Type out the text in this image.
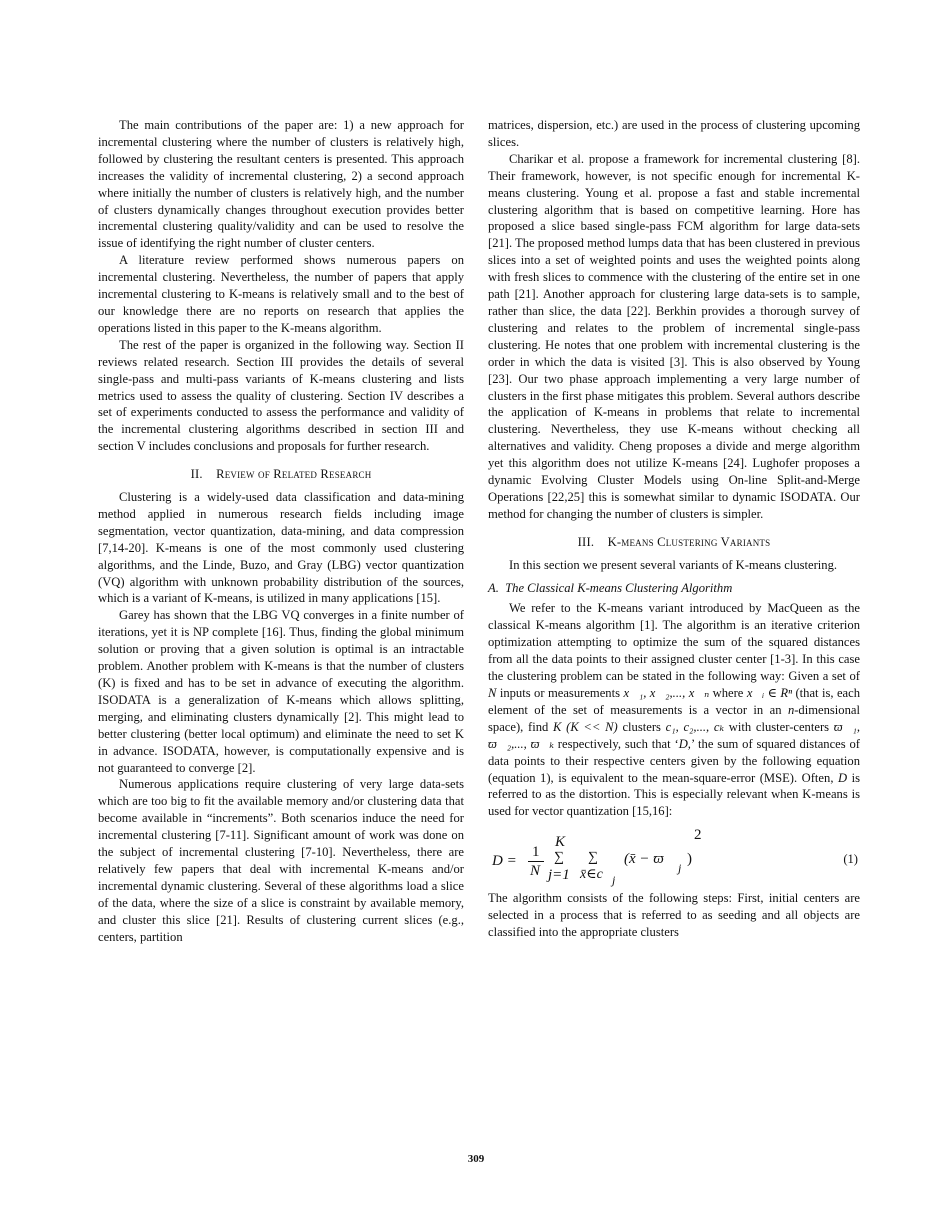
The main contributions of the paper are: 1) a new approach for incremental clustering where the number of clusters is relatively high, followed by clustering the resultant centers is presented. This approach increases the validity of incremental clustering, 2) a second approach where initially the number of clusters is relatively high, and the number of clusters dynamically changes throughout execution provides better incremental clustering quality/validity and can be used to resolve the issue of identifying the right number of cluster centers.

A literature review performed shows numerous papers on incremental clustering. Nevertheless, the number of papers that apply incremental clustering to K-means is relatively small and to the best of our knowledge there are no reports on research that applies the operations listed in this paper to the K-means algorithm.

The rest of the paper is organized in the following way. Section II reviews related research. Section III provides the details of several single-pass and multi-pass variants of K-means clustering and lists metrics used to assess the quality of clustering. Section IV describes a set of experiments conducted to assess the performance and validity of the incremental clustering algorithms described in section III and section V includes conclusions and proposals for further research.

II.    Review of Related Research

Clustering is a widely-used data classification and data-mining method applied in numerous research fields including image segmentation, vector quantization, data-mining, and data compression [7,14-20]. K-means is one of the most commonly used clustering algorithms, and the Linde, Buzo, and Gray (LBG) vector quantization (VQ) algorithm with unknown probability distribution of the sources, which is a variant of K-means, is utilized in many applications [15].

Garey has shown that the LBG VQ converges in a finite number of iterations, yet it is NP complete [16]. Thus, finding the global minimum solution or proving that a given solution is optimal is an intractable problem. Another problem with K-means is that the number of clusters (K) is fixed and has to be set in advance of executing the algorithm. ISODATA is a generalization of K-means which allows splitting, merging, and eliminating clusters dynamically [2]. This might lead to better clustering (better local optimum) and eliminate the need to set K in advance. ISODATA, however, is computationally expensive and is not guaranteed to converge [2].

Numerous applications require clustering of very large data-sets which are too big to fit the available memory and/or clustering data that become available in “increments”. Both scenarios induce the need for incremental clustering [7-11]. Significant amount of work was done on the subject of incremental clustering [7-10]. Nevertheless, there are relatively few papers that deal with incremental K-means and/or incremental dynamic clustering. Several of these algorithms load a slice of the data, where the size of a slice is constraint by available memory, and cluster this slice [21]. Results of clustering current slices (e.g., centers, partition

matrices, dispersion, etc.) are used in the process of clustering upcoming slices.

Charikar et al. propose a framework for incremental clustering [8]. Their framework, however, is not specific enough for incremental K-means clustering. Young et al. propose a fast and stable incremental clustering algorithm that is based on competitive learning. Hore has proposed a slice based single-pass FCM algorithm for large data-sets [21]. The proposed method lumps data that has been clustered in previous slices into a set of weighted points and uses the weighted points along with fresh slices to commence with the clustering of the entire set in one path [21]. Another approach for clustering large data-sets is to sample, rather than slice, the data [22]. Berkhin provides a thorough survey of clustering and relates to the problem of incremental single-pass clustering. He notes that one problem with incremental clustering is the order in which the data is visited [3]. This is also observed by Young [23]. Our two phase approach implementing a very large number of clusters in the first phase mitigates this problem. Several authors describe the application of K-means in problems that relate to incremental clustering. Nevertheless, they use K-means without checking all alternatives and validity. Cheng proposes a divide and merge algorithm yet this algorithm does not utilize K-means [24]. Lughofer proposes a dynamic Evolving Cluster Models using On-line Split-and-Merge Operations [22,25] this is somewhat similar to dynamic ISODATA. Our method for changing the number of clusters is simpler.

III.    K-means Clustering Variants

In this section we present several variants of K-means clustering.

A.  The Classical K-means Clustering Algorithm

We refer to the K-means variant introduced by MacQueen as the classical K-means algorithm [1]. The algorithm is an iterative criterion optimization attempting to optimize the sum of the squared distances from all the data points to their assigned cluster center [1-3]. In this case the clustering problem can be stated in the following way: Given a set of N inputs or measurements x⃗₁, x⃗₂,..., x⃗ₙ where x⃗ᵢ ∈ Rⁿ (that is, each element of the set of measurements is a vector in an n-dimensional space), find K (K << N) clusters c₁, c₂,..., cₖ with cluster-centers ϖ⃗₁, ϖ⃗₂,..., ϖ⃗ₖ respectively, such that ‘D,’ the sum of squared distances of data points to their respective centers given by the following equation (equation 1), is equivalent to the mean-square-error (MSE). Often, D is referred to as the distortion. This is especially relevant when K-means is used for vector quantization [15,16]:

D =
1
N
K
∑
j=1
∑
x̄∈c j
(x̄ − ϖ⃗
j
)
2
(1)

The algorithm consists of the following steps: First, initial centers are selected in a process that is referred to as seeding and all objects are classified into the appropriate clusters

309
